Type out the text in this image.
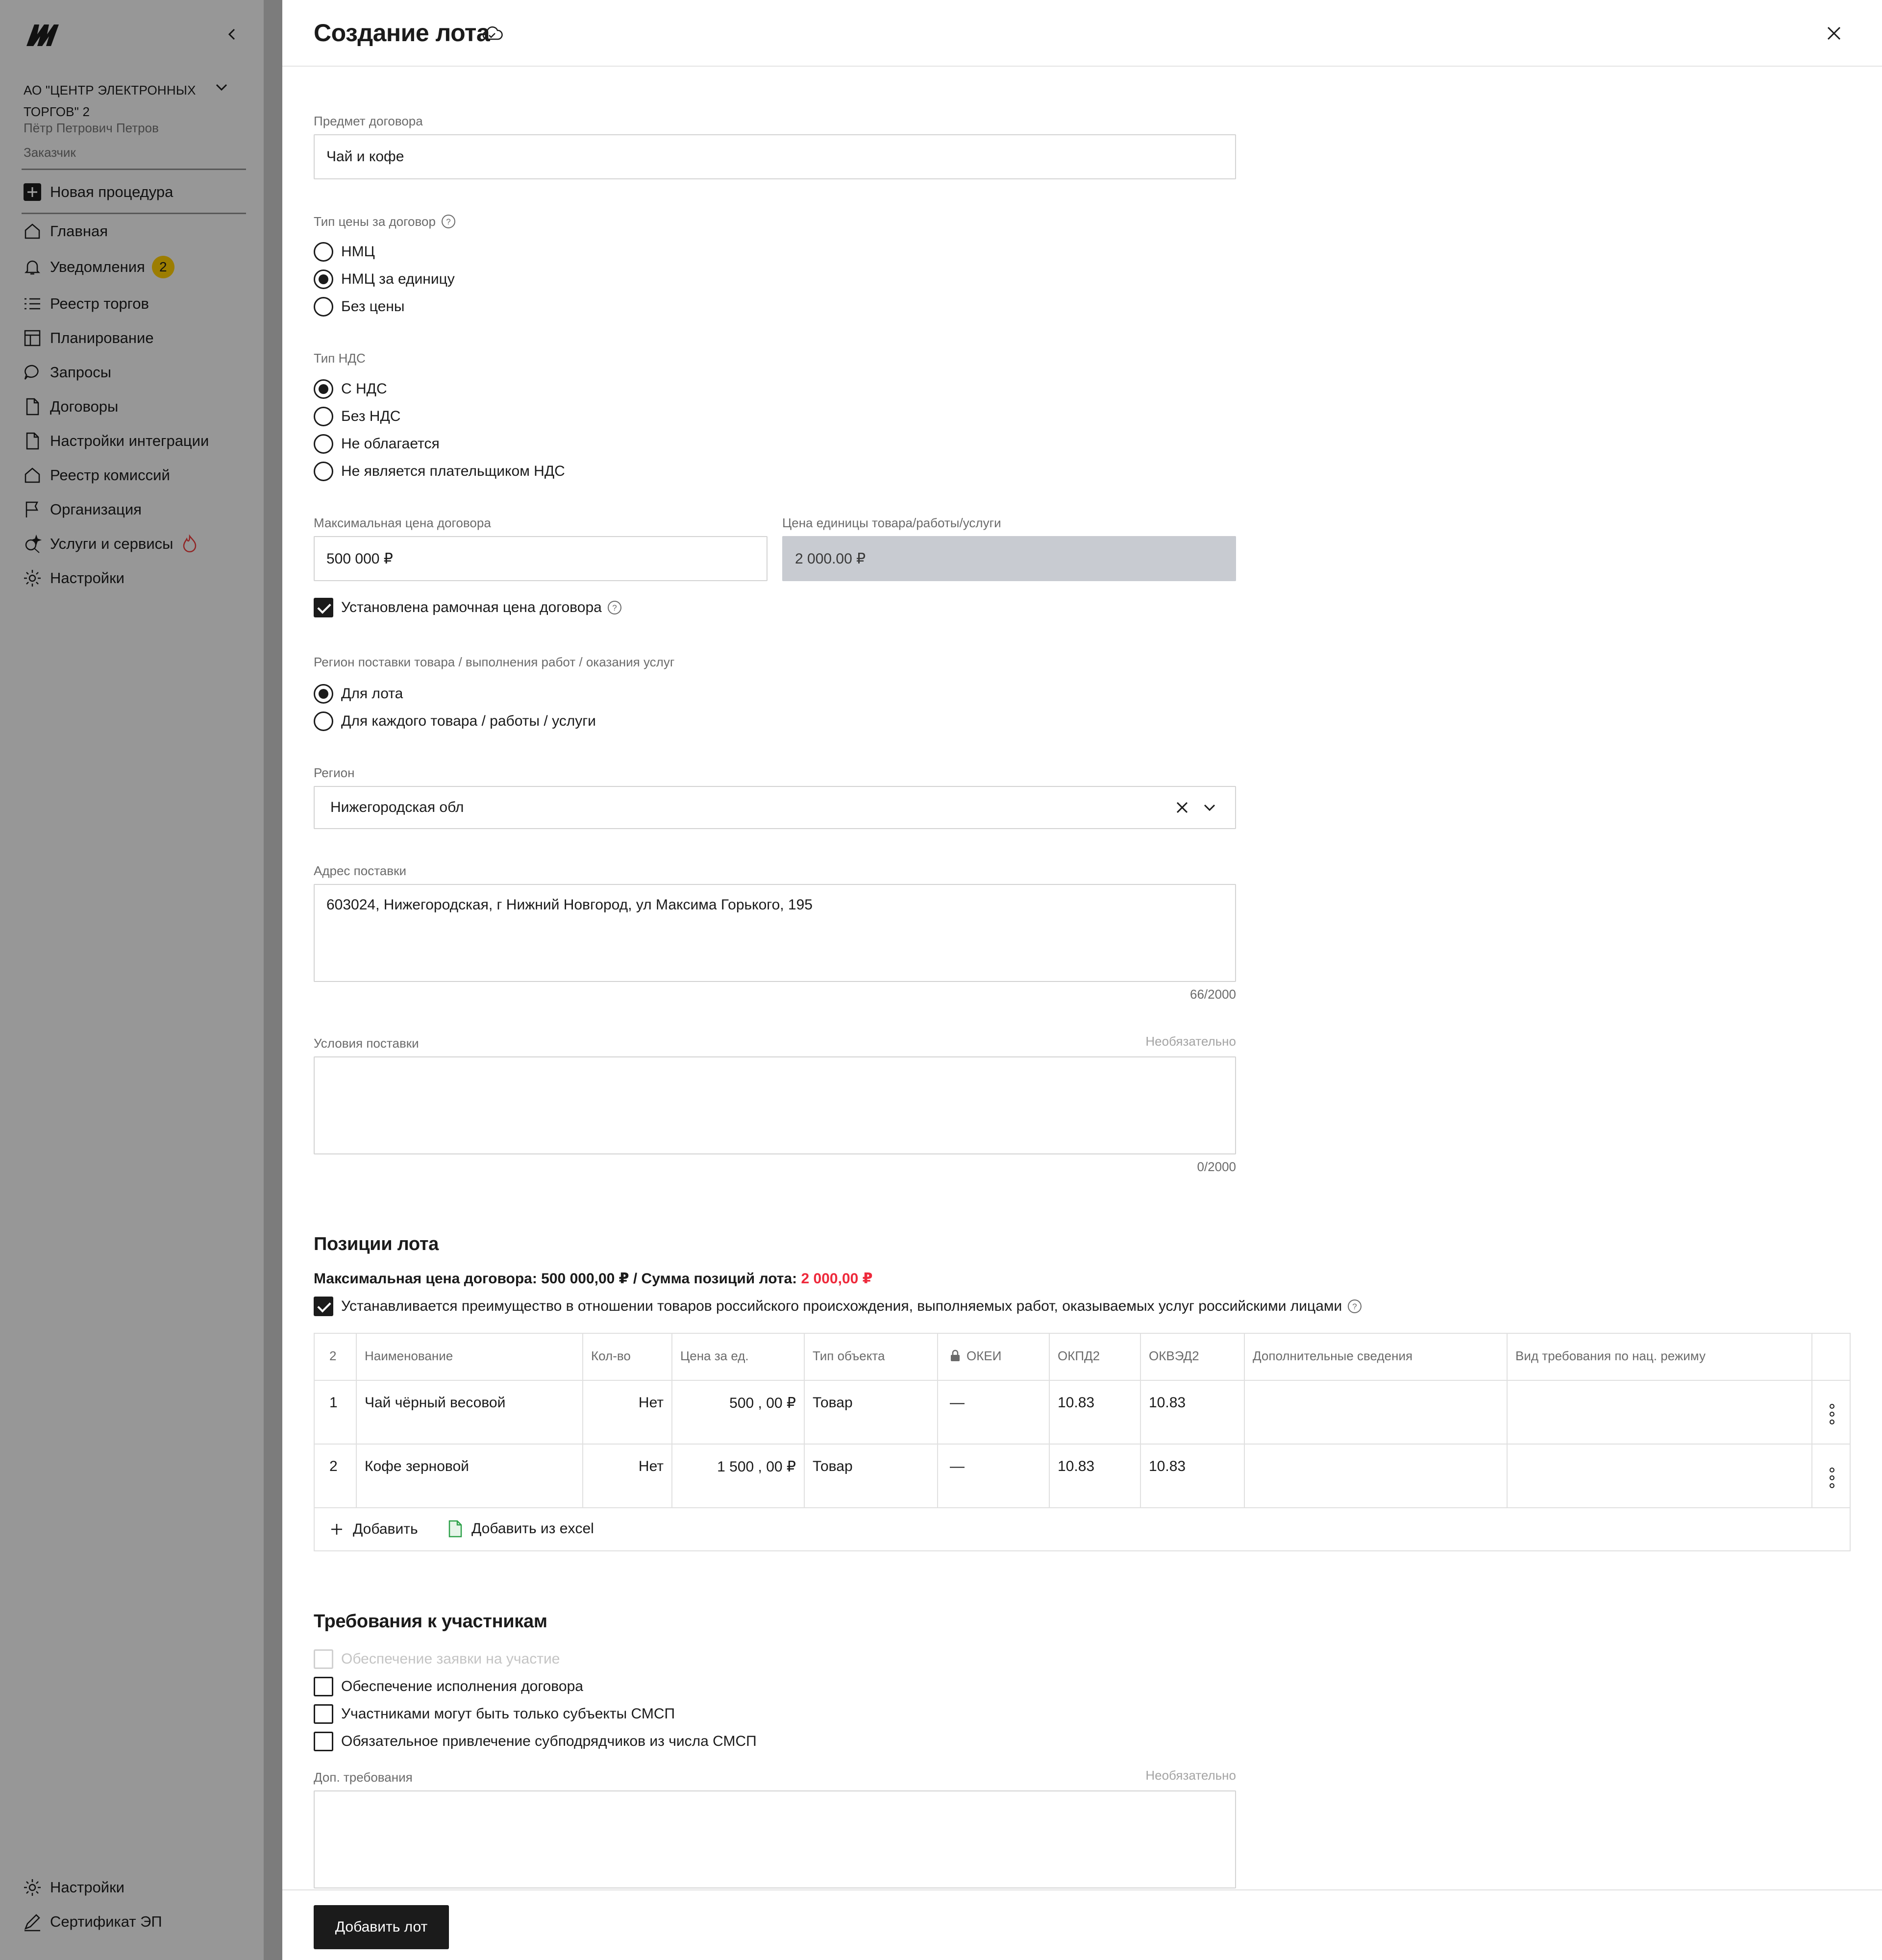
АО "ЦЕНТР ЭЛЕКТРОННЫХ ТОРГОВ" 2
Пётр Петрович Петров
Заказчик
Новая процедура
Главная
Уведомления	2
Реестр торгов
Планирование
Запросы
Договоры
Настройки интеграции
Реестр комиссий
Организация
Услуги и сервисы
Настройки
Настройки
Сертификат ЭП
Создание лота
Предмет договора
Чай и кофе
Тип цены за договор ?
НМЦ
НМЦ за единицу
Без цены
Тип НДС
С НДС
Без НДС
Не облагается
Не является плательщиком НДС
Максимальная цена договора
500 000 ₽
Цена единицы товара/работы/услуги
2 000.00 ₽
Установлена рамочная цена договора ?
Регион поставки товара / выполнения работ / оказания услуг
Для лота
Для каждого товара / работы / услуги
Регион
Нижегородская обл
Адрес поставки
603024, Нижегородская, г Нижний Новгород, ул Максима Горького, 195
66/2000
Условия поставки	Необязательно
0/2000
Позиции лота
Максимальная цена договора: 500 000,00 ₽ / Сумма позиций лота: 2 000,00 ₽
Устанавливается преимущество в отношении товаров российского происхождения, выполняемых работ, оказываемых услуг российскими лицами ?
2	Наименование	Кол-во	Цена за ед.	Тип объекта	ОКЕИ	ОКПД2	ОКВЭД2	Дополнительные сведения	Вид требования по нац. режиму
1	Чай чёрный весовой	Нет	500 , 00 ₽	Товар	—	10.83	10.83
2	Кофе зерновой	Нет	1 500 , 00 ₽	Товар	—	10.83	10.83
Добавить	Добавить из excel
Требования к участникам
Обеспечение заявки на участие
Обеспечение исполнения договора
Участниками могут быть только субъекты СМСП
Обязательное привлечение субподрядчиков из числа СМСП
Доп. требования	Необязательно
Добавить лот
